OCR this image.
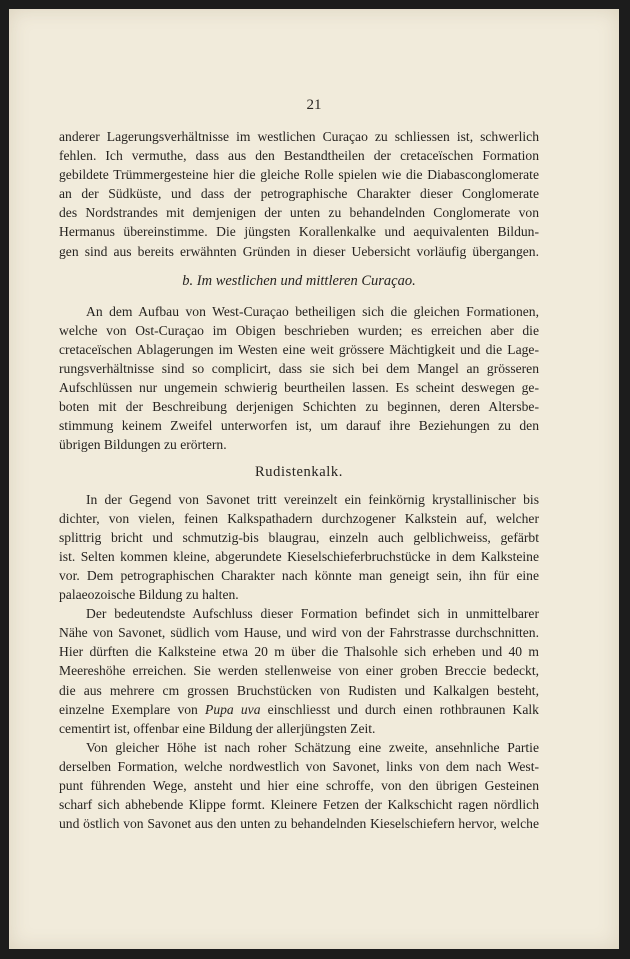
21
anderer Lagerungsverhältnisse im westlichen Curaçao zu schliessen ist, schwerlich
fehlen. Ich vermuthe, dass aus den Bestandtheilen der cretaceïschen Formation
gebildete Trümmergesteine hier die gleiche Rolle spielen wie die Diabasconglomerate
an der Südküste, und dass der petrographische Charakter dieser Conglomerate
des Nordstrandes mit demjenigen der unten zu behandelnden Conglomerate von
Hermanus übereinstimme. Die jüngsten Korallenkalke und aequivalenten Bildun-
gen sind aus bereits erwähnten Gründen in dieser Uebersicht vorläufig übergangen.
b. Im westlichen und mittleren Curaçao.
An dem Aufbau von West-Curaçao betheiligen sich die gleichen Formationen,
welche von Ost-Curaçao im Obigen beschrieben wurden; es erreichen aber die
cretaceïschen Ablagerungen im Westen eine weit grössere Mächtigkeit und die Lage-
rungsverhältnisse sind so complicirt, dass sie sich bei dem Mangel an grösseren
Aufschlüssen nur ungemein schwierig beurtheilen lassen. Es scheint deswegen ge-
boten mit der Beschreibung derjenigen Schichten zu beginnen, deren Altersbe-
stimmung keinem Zweifel unterworfen ist, um darauf ihre Beziehungen zu den
übrigen Bildungen zu erörtern.
Rudistenkalk.
In der Gegend von Savonet tritt vereinzelt ein feinkörnig krystallinischer bis
dichter, von vielen, feinen Kalkspathadern durchzogener Kalkstein auf, welcher
splittrig bricht und schmutzig-bis blaugrau, einzeln auch gelblichweiss, gefärbt
ist. Selten kommen kleine, abgerundete Kieselschieferbruchstücke in dem Kalksteine
vor. Dem petrographischen Charakter nach könnte man geneigt sein, ihn für eine
palaeozoische Bildung zu halten.
Der bedeutendste Aufschluss dieser Formation befindet sich in unmittelbarer
Nähe von Savonet, südlich vom Hause, und wird von der Fahrstrasse durchschnitten.
Hier dürften die Kalksteine etwa 20 m über die Thalsohle sich erheben und 40 m
Meereshöhe erreichen. Sie werden stellenweise von einer groben Breccie bedeckt,
die aus mehrere cm grossen Bruchstücken von Rudisten und Kalkalgen besteht,
einzelne Exemplare von Pupa uva einschliesst und durch einen rothbraunen Kalk
cementirt ist, offenbar eine Bildung der allerjüngsten Zeit.
Von gleicher Höhe ist nach roher Schätzung eine zweite, ansehnliche Partie
derselben Formation, welche nordwestlich von Savonet, links von dem nach West-
punt führenden Wege, ansteht und hier eine schroffe, von den übrigen Gesteinen
scharf sich abhebende Klippe formt. Kleinere Fetzen der Kalkschicht ragen nördlich
und östlich von Savonet aus den unten zu behandelnden Kieselschiefern hervor, welche
